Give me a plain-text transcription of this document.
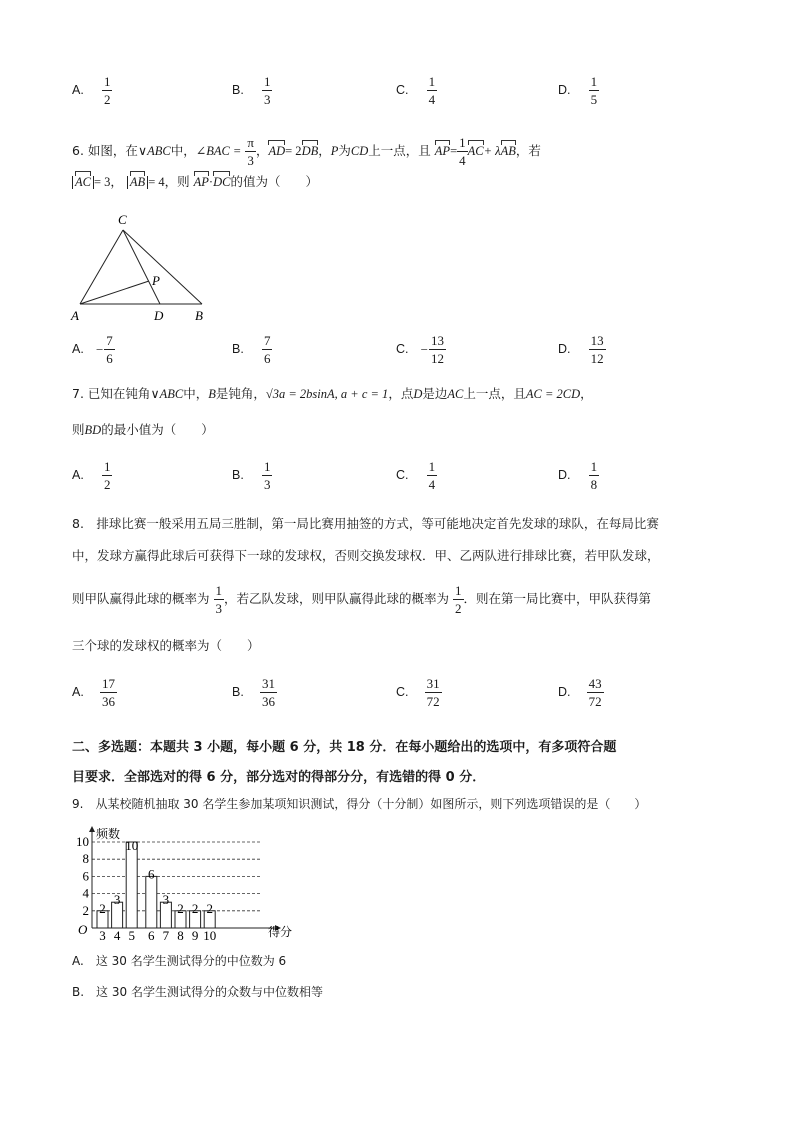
A. $\frac{1}{2}$	B. $\frac{1}{3}$	C. $\frac{1}{4}$	D. $\frac{1}{5}$
6. 如图，在∨ABC中，∠BAC = $\frac{\pi}{3}$ ，AD= 2DB，P为CD上一点，且 $AP= \frac{1}{4} AC+ \lambda AB$，若
AC = 3， AB = 4，则 AP·DC的值为（　　）
C
P
A	D B
A. − $\frac{7}{6}$	B. $\frac{7}{6}$	C. − $\frac{13}{12}$	D. $\frac{13}{12}$
7. 已知在钝角∨ABC中，B是钝角，√3a = 2bsinA, a + c = 1，点D是边AC上一点，且AC = 2CD，
则BD的最小值为（　　）
A. $\frac{1}{2}$	B. $\frac{1}{3}$	C. $\frac{1}{4}$	D. $\frac{1}{8}$
8.　排球比赛一般采用五局三胜制，第一局比赛用抽签的方式，等可能地决定首先发球的球队，在每局比赛
中，发球方赢得此球后可获得下一球的发球权，否则交换发球权．甲、乙两队进行排球比赛，若甲队发球，
则甲队赢得此球的概率为 $\frac{1}{3}$ ，若乙队发球，则甲队赢得此球的概率为 $\frac{1}{2}$ ．则在第一局比赛中，甲队获得第
三个球的发球权的概率为（　　）
A. $\frac{17}{36}$	B. $\frac{31}{36}$	C. $\frac{31}{72}$	D. $\frac{43}{72}$
二、多选题：本题共 3 小题，每小题 6 分，共 18 分．在每小题给出的选项中，有多项符合题
目要求．全部选对的得 6 分，部分选对的得部分分，有选错的得 0 分．
9.　从某校随机抽取 30 名学生参加某项知识测试，得分（十分制）如图所示，则下列选项错误的是（　　）
2
3
10
6
3
2 2 2
3 4 5 6 7 8 9 10
2
4
6
8
10 频数
得分
O
A.　这 30 名学生测试得分的中位数为 6
B.　这 30 名学生测试得分的众数与中位数相等
